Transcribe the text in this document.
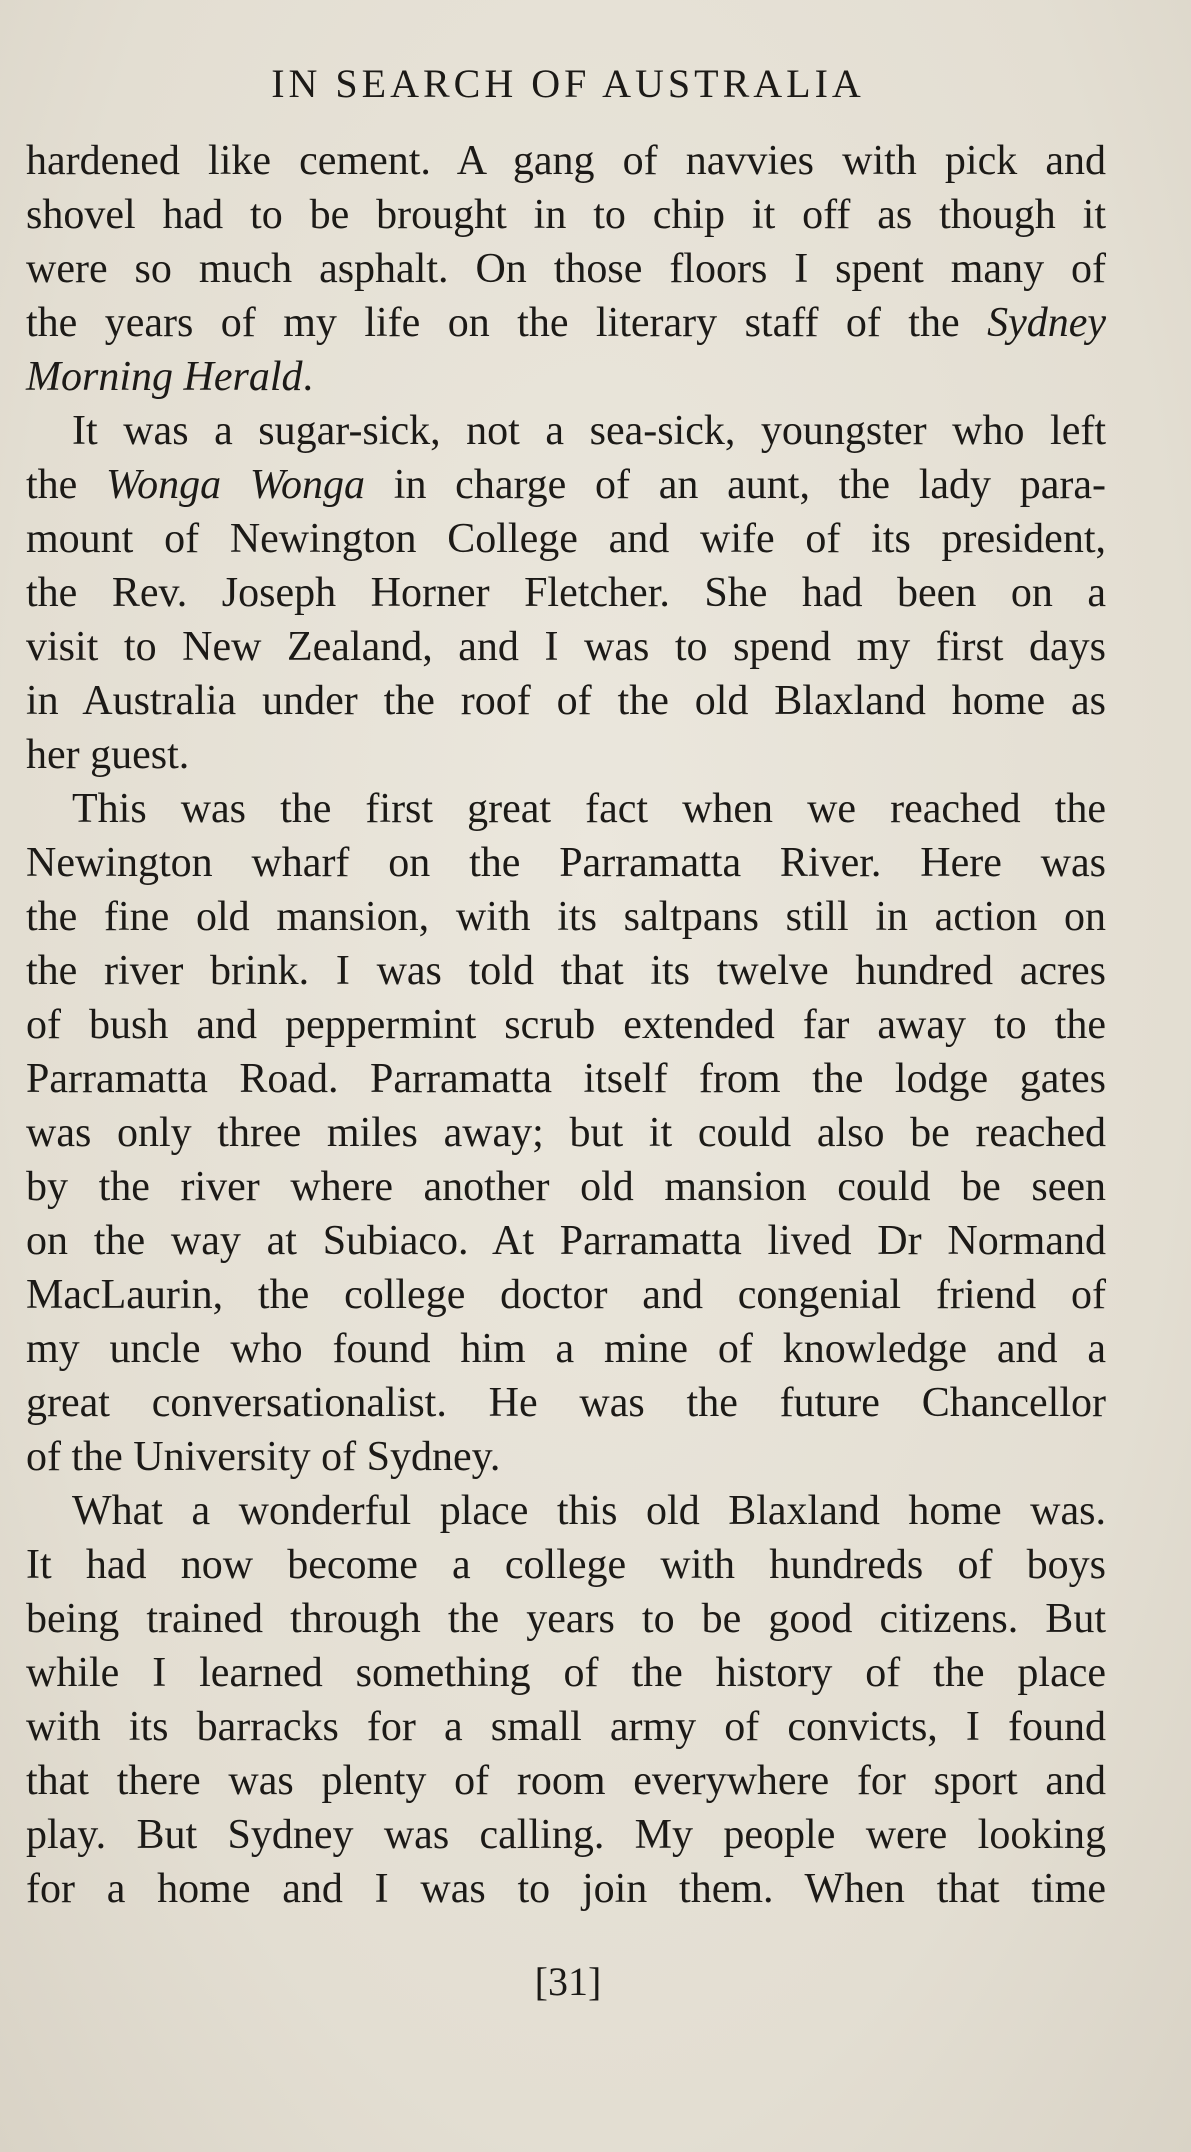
IN SEARCH OF AUSTRALIA
hardened like cement. A gang of navvies with pick and
shovel had to be brought in to chip it off as though it
were so much asphalt. On those floors I spent many of
the years of my life on the literary staff of the Sydney
Morning Herald.
It was a sugar-sick, not a sea-sick, youngster who left
the Wonga Wonga in charge of an aunt, the lady para-
mount of Newington College and wife of its president,
the Rev. Joseph Horner Fletcher. She had been on a
visit to New Zealand, and I was to spend my first days
in Australia under the roof of the old Blaxland home as
her guest.
This was the first great fact when we reached the
Newington wharf on the Parramatta River. Here was
the fine old mansion, with its saltpans still in action on
the river brink. I was told that its twelve hundred acres
of bush and peppermint scrub extended far away to the
Parramatta Road. Parramatta itself from the lodge gates
was only three miles away; but it could also be reached
by the river where another old mansion could be seen
on the way at Subiaco. At Parramatta lived Dr Normand
MacLaurin, the college doctor and congenial friend of
my uncle who found him a mine of knowledge and a
great conversationalist. He was the future Chancellor
of the University of Sydney.
What a wonderful place this old Blaxland home was.
It had now become a college with hundreds of boys
being trained through the years to be good citizens. But
while I learned something of the history of the place
with its barracks for a small army of convicts, I found
that there was plenty of room everywhere for sport and
play. But Sydney was calling. My people were looking
for a home and I was to join them. When that time
[31]
